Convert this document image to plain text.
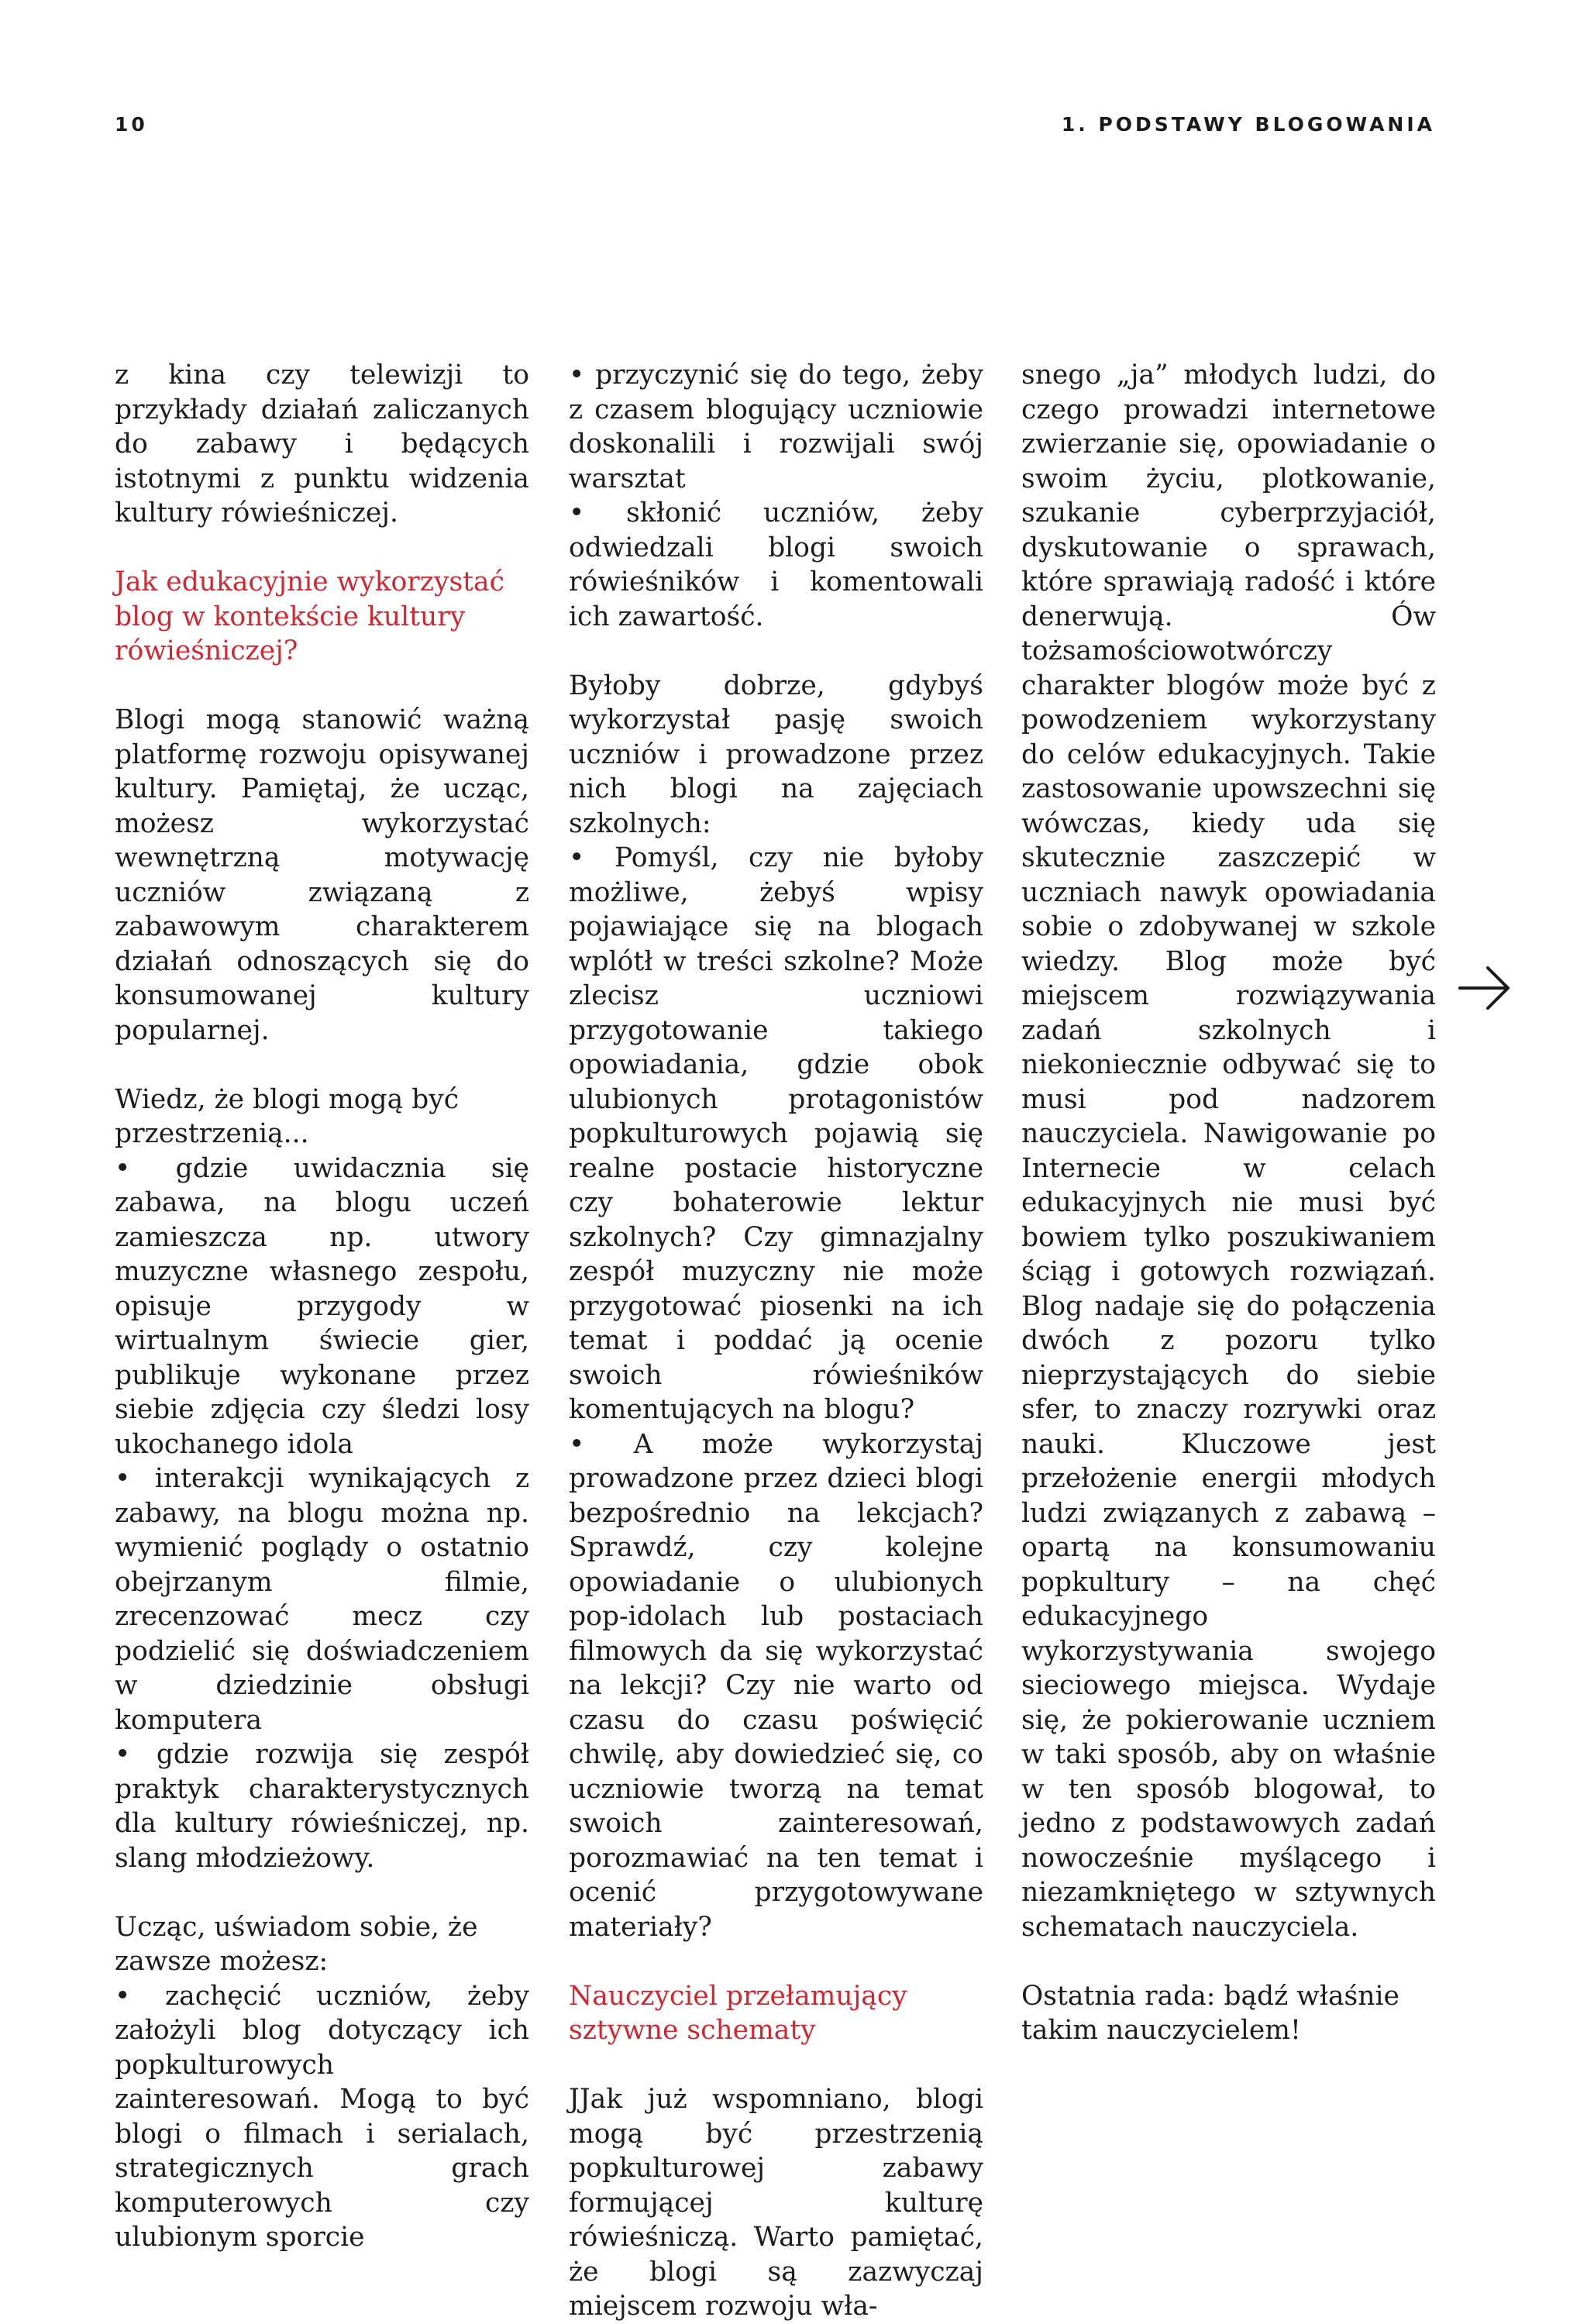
10	1. PODSTAWY BLOGOWANIA

z kina czy telewizji to przykłady działań zaliczanych do zabawy i będących istotnymi z punktu widzenia kultury rówieśniczej.

Jak edukacyjnie wykorzystać blog w kontekście kultury rówieśniczej?

Blogi mogą stanowić ważną platformę rozwoju opisywanej kultury. Pamiętaj, że ucząc, możesz wykorzystać wewnętrzną motywację uczniów związaną z zabawowym charakterem działań odnoszących się do konsumowanej kultury popularnej.

Wiedz, że blogi mogą być przestrzenią...

• gdzie uwidacznia się zabawa, na blogu uczeń zamieszcza np. utwory muzyczne własnego zespołu, opisuje przygody w wirtualnym świecie gier, publikuje wykonane przez siebie zdjęcia czy śledzi losy ukochanego idola
• interakcji wynikających z zabawy, na blogu można np. wymienić poglądy o ostatnio obejrzanym filmie, zrecenzować mecz czy podzielić się doświadczeniem w dziedzinie obsługi komputera
• gdzie rozwija się zespół praktyk charakterystycznych dla kultury rówieśniczej, np. slang młodzieżowy.

Ucząc, uświadom sobie, że zawsze możesz:

• zachęcić uczniów, żeby założyli blog dotyczący ich popkulturowych zainteresowań. Mogą to być blogi o filmach i serialach, strategicznych grach komputerowych czy ulubionym sporcie
• przyczynić się do tego, żeby z czasem blogujący uczniowie doskonalili i rozwijali swój warsztat
• skłonić uczniów, żeby odwiedzali blogi swoich rówieśników i komentowali ich zawartość.

Byłoby dobrze, gdybyś wykorzystał pasję swoich uczniów i prowadzone przez nich blogi na zajęciach szkolnych:

• Pomyśl, czy nie byłoby możliwe, żebyś wpisy pojawiające się na blogach wplótł w treści szkolne? Może zlecisz uczniowi przygotowanie takiego opowiadania, gdzie obok ulubionych protagonistów popkulturowych pojawią się realne postacie historyczne czy bohaterowie lektur szkolnych? Czy gimnazjalny zespół muzyczny nie może przygotować piosenki na ich temat i poddać ją ocenie swoich rówieśników komentujących na blogu?
• A może wykorzystaj prowadzone przez dzieci blogi bezpośrednio na lekcjach? Sprawdź, czy kolejne opowiadanie o ulubionych pop-idolach lub postaciach filmowych da się wykorzystać na lekcji? Czy nie warto od czasu do czasu poświęcić chwilę, aby dowiedzieć się, co uczniowie tworzą na temat swoich zainteresowań, porozmawiać na ten temat i ocenić przygotowywane materiały?
Nauczyciel przełamujący sztywne schematy

JJak już wspomniano, blogi mogą być przestrzenią popkulturowej zabawy formującej kulturę rówieśniczą. Warto pamiętać, że blogi są zazwyczaj miejscem rozwoju wła-

snego „ja” młodych ludzi, do czego prowadzi internetowe zwierzanie się, opowiadanie o swoim życiu, plotkowanie, szukanie cyberprzyjaciół, dyskutowanie o sprawach, które sprawiają radość i które denerwują. Ów tożsamościowotwórczy charakter blogów może być z powodzeniem wykorzystany do celów edukacyjnych. Takie zastosowanie upowszechni się wówczas, kiedy uda się skutecznie zaszczepić w uczniach nawyk opowiadania sobie o zdobywanej w szkole wiedzy. Blog może być miejscem rozwiązywania zadań szkolnych i niekoniecznie odbywać się to musi pod nadzorem nauczyciela. Nawigowanie po Internecie w celach edukacyjnych nie musi być bowiem tylko poszukiwaniem ściąg i gotowych rozwiązań. Blog nadaje się do połączenia dwóch z pozoru tylko nieprzystających do siebie sfer, to znaczy rozrywki oraz nauki. Kluczowe jest przełożenie energii młodych ludzi związanych z zabawą – opartą na konsumowaniu popkultury – na chęć edukacyjnego wykorzystywania swojego sieciowego miejsca. Wydaje się, że pokierowanie uczniem w taki sposób, aby on właśnie w ten sposób blogował, to jedno z podstawowych zadań nowocześnie myślącego i niezamkniętego w sztywnych schematach nauczyciela.

Ostatnia rada: bądź właśnie takim nauczycielem!
